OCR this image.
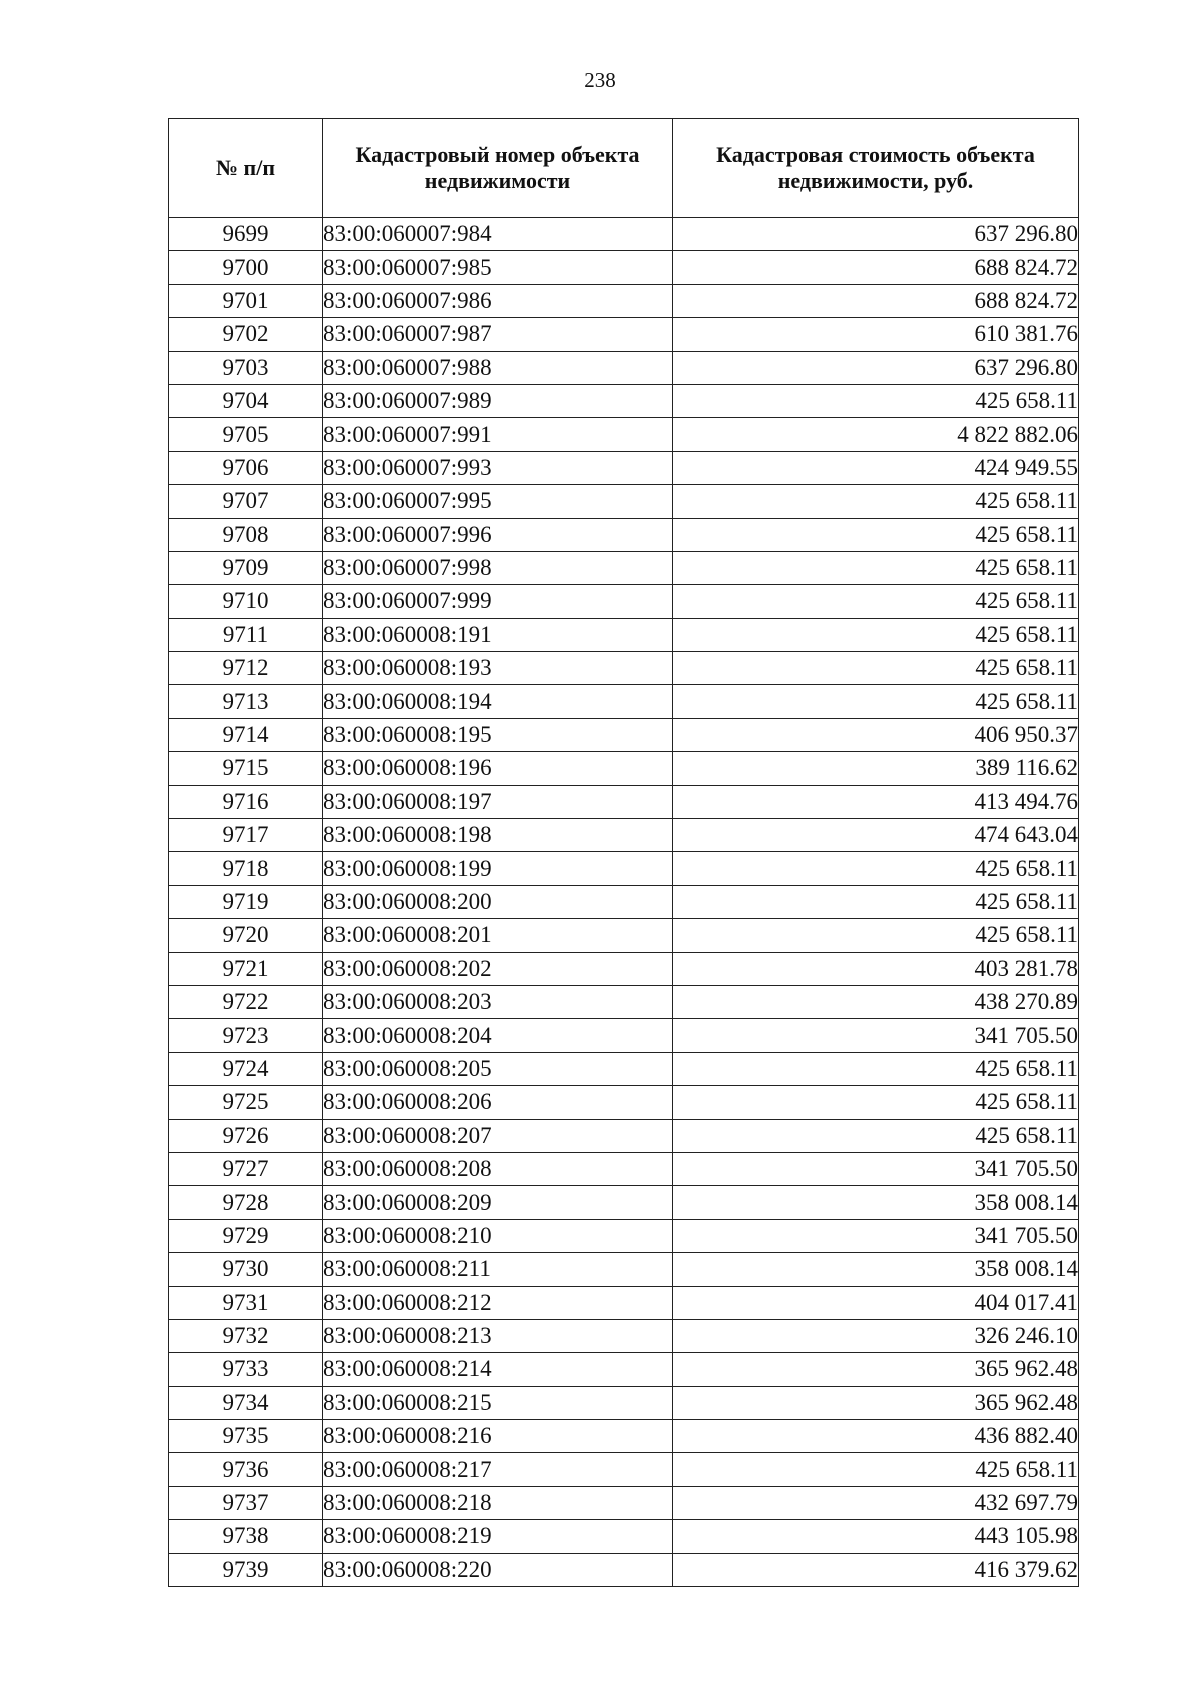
238
№ п/п	Кадастровый номер объекта недвижимости	Кадастровая стоимость объекта недвижимости, руб.
9699	83:00:060007:984	637 296.80
9700	83:00:060007:985	688 824.72
9701	83:00:060007:986	688 824.72
9702	83:00:060007:987	610 381.76
9703	83:00:060007:988	637 296.80
9704	83:00:060007:989	425 658.11
9705	83:00:060007:991	4 822 882.06
9706	83:00:060007:993	424 949.55
9707	83:00:060007:995	425 658.11
9708	83:00:060007:996	425 658.11
9709	83:00:060007:998	425 658.11
9710	83:00:060007:999	425 658.11
9711	83:00:060008:191	425 658.11
9712	83:00:060008:193	425 658.11
9713	83:00:060008:194	425 658.11
9714	83:00:060008:195	406 950.37
9715	83:00:060008:196	389 116.62
9716	83:00:060008:197	413 494.76
9717	83:00:060008:198	474 643.04
9718	83:00:060008:199	425 658.11
9719	83:00:060008:200	425 658.11
9720	83:00:060008:201	425 658.11
9721	83:00:060008:202	403 281.78
9722	83:00:060008:203	438 270.89
9723	83:00:060008:204	341 705.50
9724	83:00:060008:205	425 658.11
9725	83:00:060008:206	425 658.11
9726	83:00:060008:207	425 658.11
9727	83:00:060008:208	341 705.50
9728	83:00:060008:209	358 008.14
9729	83:00:060008:210	341 705.50
9730	83:00:060008:211	358 008.14
9731	83:00:060008:212	404 017.41
9732	83:00:060008:213	326 246.10
9733	83:00:060008:214	365 962.48
9734	83:00:060008:215	365 962.48
9735	83:00:060008:216	436 882.40
9736	83:00:060008:217	425 658.11
9737	83:00:060008:218	432 697.79
9738	83:00:060008:219	443 105.98
9739	83:00:060008:220	416 379.62
